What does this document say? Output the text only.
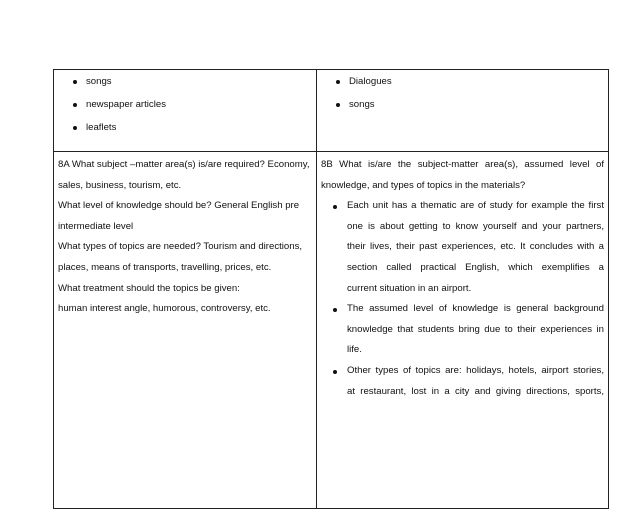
songs
newspaper articles
leaflets
Dialogues
songs
8A What subject –matter area(s) is/are required? Economy,
sales, business, tourism, etc.
What level of knowledge should be? General English pre
intermediate level
What types of topics are needed? Tourism and directions,
places, means of transports, travelling, prices, etc.
What treatment should the topics be given:
human interest angle, humorous, controversy, etc.
8B What is/are the subject-matter area(s), assumed level of
knowledge, and types of topics in the materials?
Each unit has a thematic are of study for example the first
one is about getting to know yourself and your partners,
their lives, their past experiences, etc. It concludes with a
section called practical English, which exemplifies a
current situation in an airport.
The assumed level of knowledge is general background
knowledge that students bring due to their experiences in
life.
Other types of topics are: holidays, hotels, airport stories,
at restaurant, lost in a city and giving directions, sports,
